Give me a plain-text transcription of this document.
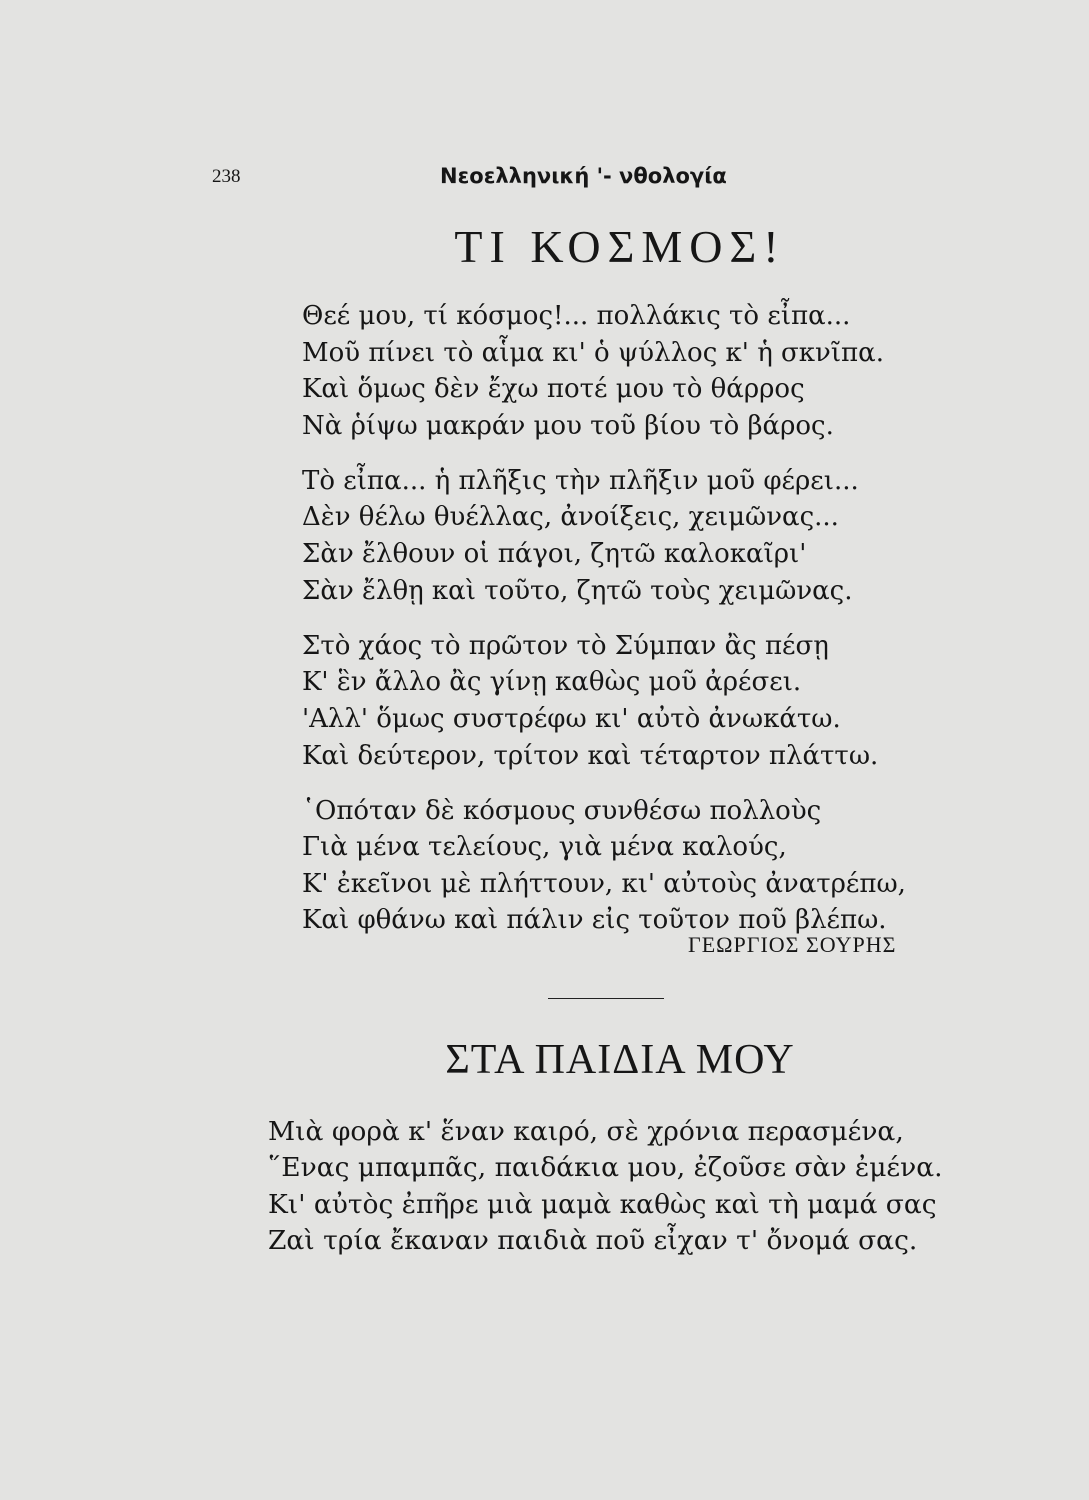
238	Νεοελληνική '- νθολογία
ΤΙ ΚΟΣΜΟΣ!
Θεέ μου, τί κόσμος!... πολλάκις τὸ εἶπα...
Μοῦ πίνει τὸ αἷμα κι' ὁ ψύλλος κ' ἡ σκνῖπα.
Καὶ ὅμως δὲν ἔχω ποτέ μου τὸ θάρρος
Νὰ ῥίψω μακράν μου τοῦ βίου τὸ βάρος.
Τὸ εἶπα... ἡ πλῆξις τὴν πλῆξιν μοῦ φέρει...
Δὲν θέλω θυέλλας, ἀνοίξεις, χειμῶνας...
Σὰν ἔλθουν οἱ πάγοι, ζητῶ καλοκαῖρι'
Σὰν ἔλθῃ καὶ τοῦτο, ζητῶ τοὺς χειμῶνας.
Στὸ χάος τὸ πρῶτον τὸ Σύμπαν ἂς πέσῃ
Κ' ἓν ἄλλο ἂς γίνῃ καθὼς μοῦ ἀρέσει.
'Αλλ' ὅμως συστρέφω κι' αὐτὸ ἀνωκάτω.
Καὶ δεύτερον, τρίτον καὶ τέταρτον πλάττω.
῾Οπόταν δὲ κόσμους συνθέσω πολλοὺς
Γιὰ μένα τελείους, γιὰ μένα καλούς,
Κ' ἐκεῖνοι μὲ πλήττουν, κι' αὐτοὺς ἀνατρέπω,
Καὶ φθάνω καὶ πάλιν εἰς τοῦτον ποῦ βλέπω.
ΓΕΩΡΓΙΟΣ ΣΟΥΡΗΣ
ΣΤΑ ΠΑΙΔΙΑ ΜΟΥ
Μιὰ φορὰ κ' ἕναν καιρό, σὲ χρόνια περασμένα,
῞Ενας μπαμπᾶς, παιδάκια μου, ἐζοῦσε σὰν ἐμένα.
Κι' αὐτὸς ἐπῆρε μιὰ μαμὰ καθὼς καὶ τὴ μαμά σας
Ζαὶ τρία ἔκαναν παιδιὰ ποῦ εἶχαν τ' ὄνομά σας.
